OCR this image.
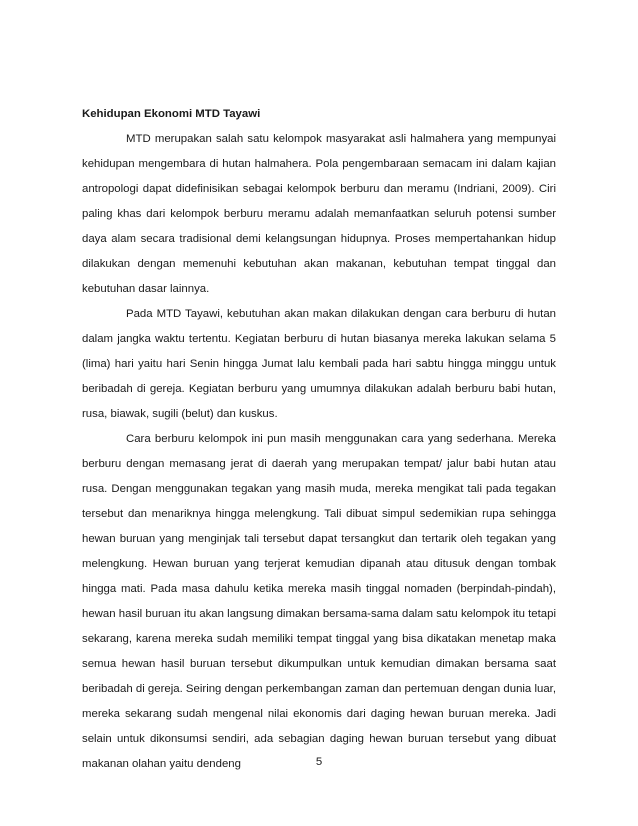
Kehidupan Ekonomi MTD Tayawi

MTD merupakan salah satu kelompok masyarakat asli halmahera yang mempunyai kehidupan mengembara di hutan halmahera. Pola pengembaraan semacam ini dalam kajian antropologi dapat didefinisikan sebagai kelompok berburu dan meramu (Indriani, 2009). Ciri paling khas dari kelompok berburu meramu adalah memanfaatkan seluruh potensi sumber daya alam secara tradisional demi kelangsungan hidupnya. Proses mempertahankan hidup dilakukan dengan memenuhi kebutuhan akan makanan, kebutuhan tempat tinggal dan kebutuhan dasar lainnya.

Pada MTD Tayawi, kebutuhan akan makan dilakukan dengan cara berburu di hutan dalam jangka waktu tertentu. Kegiatan berburu di hutan biasanya mereka lakukan selama 5 (lima) hari yaitu hari Senin hingga Jumat lalu kembali pada hari sabtu hingga minggu untuk beribadah di gereja. Kegiatan berburu yang umumnya dilakukan adalah berburu babi hutan, rusa, biawak, sugili (belut) dan kuskus.

Cara berburu kelompok ini pun masih menggunakan cara yang sederhana. Mereka berburu dengan memasang jerat di daerah yang merupakan tempat/ jalur babi hutan atau rusa. Dengan menggunakan tegakan yang masih muda, mereka mengikat tali pada tegakan tersebut dan menariknya hingga melengkung. Tali dibuat simpul sedemikian rupa sehingga hewan buruan yang menginjak tali tersebut dapat tersangkut dan tertarik oleh tegakan yang melengkung. Hewan buruan yang terjerat kemudian dipanah atau ditusuk dengan tombak hingga mati. Pada masa dahulu ketika mereka masih tinggal nomaden (berpindah-pindah), hewan hasil buruan itu akan langsung dimakan bersama-sama dalam satu kelompok itu tetapi sekarang, karena mereka sudah memiliki tempat tinggal yang bisa dikatakan menetap maka semua hewan hasil buruan tersebut dikumpulkan untuk kemudian dimakan bersama saat beribadah di gereja. Seiring dengan perkembangan zaman dan pertemuan dengan dunia luar, mereka sekarang sudah mengenal nilai ekonomis dari daging hewan buruan mereka. Jadi selain untuk dikonsumsi sendiri, ada sebagian daging hewan buruan tersebut yang dibuat makanan olahan yaitu dendeng	5
